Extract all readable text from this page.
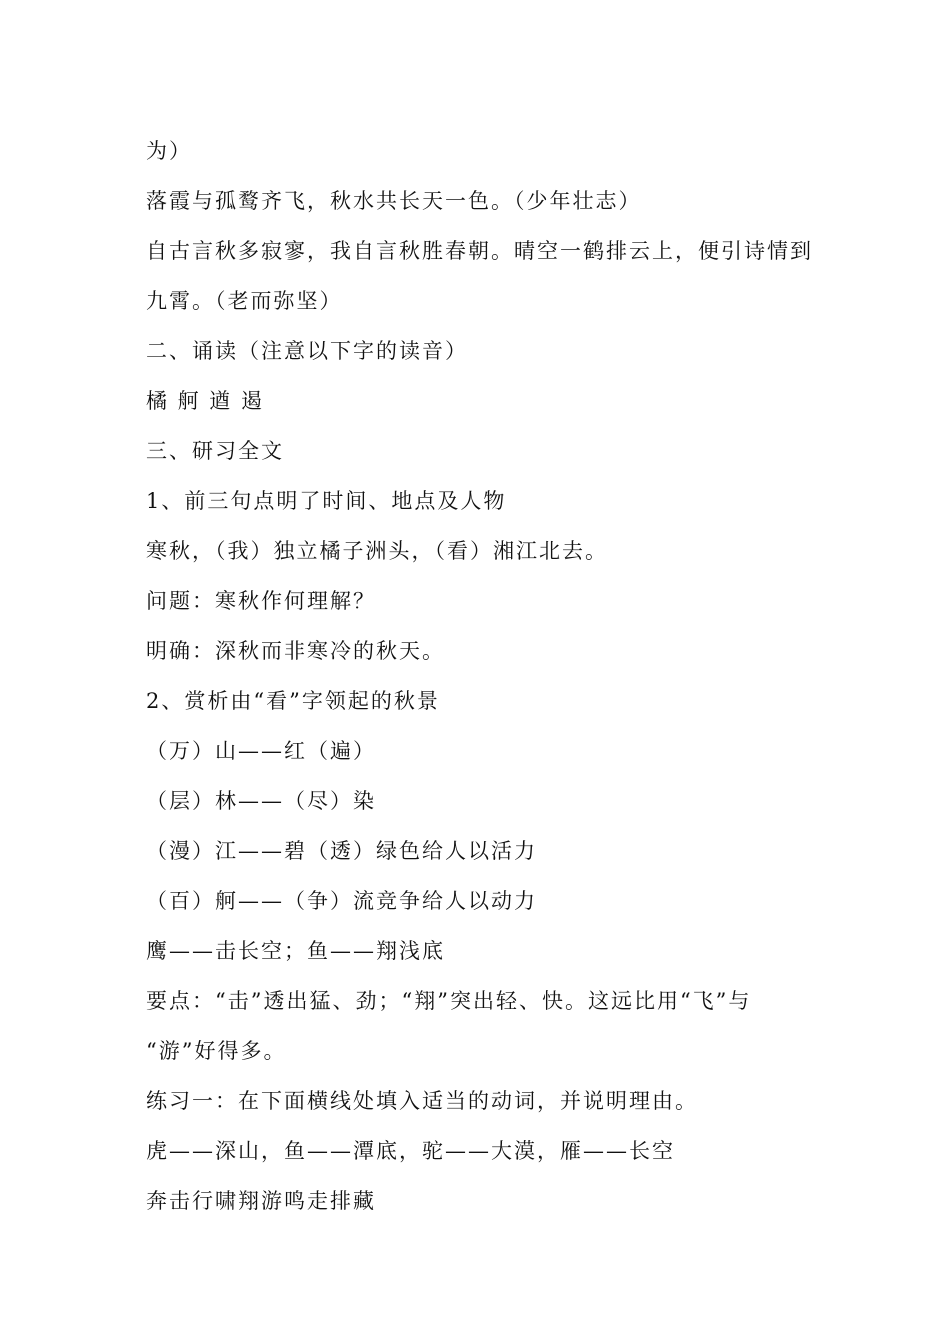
为）
落霞与孤鹜齐飞，秋水共长天一色。（少年壮志）
自古言秋多寂寥，我自言秋胜春朝。晴空一鹤排云上，便引诗情到
九霄。（老而弥坚）
二、诵读（注意以下字的读音）
橘 舸 遒 遏
三、研习全文
1、前三句点明了时间、地点及人物
寒秋，（我）独立橘子洲头，（看）湘江北去。
问题：寒秋作何理解？
明确：深秋而非寒冷的秋天。
2、赏析由“看”字领起的秋景
（万）山——红（遍）
（层）林——（尽）染
（漫）江——碧（透）绿色给人以活力
（百）舸——（争）流竞争给人以动力
鹰——击长空；鱼——翔浅底
要点：“击”透出猛、劲；“翔”突出轻、快。这远比用“飞”与
“游”好得多。
练习一：在下面横线处填入适当的动词，并说明理由。
虎——深山，鱼——潭底，驼——大漠，雁——长空
奔击行啸翔游鸣走排藏
